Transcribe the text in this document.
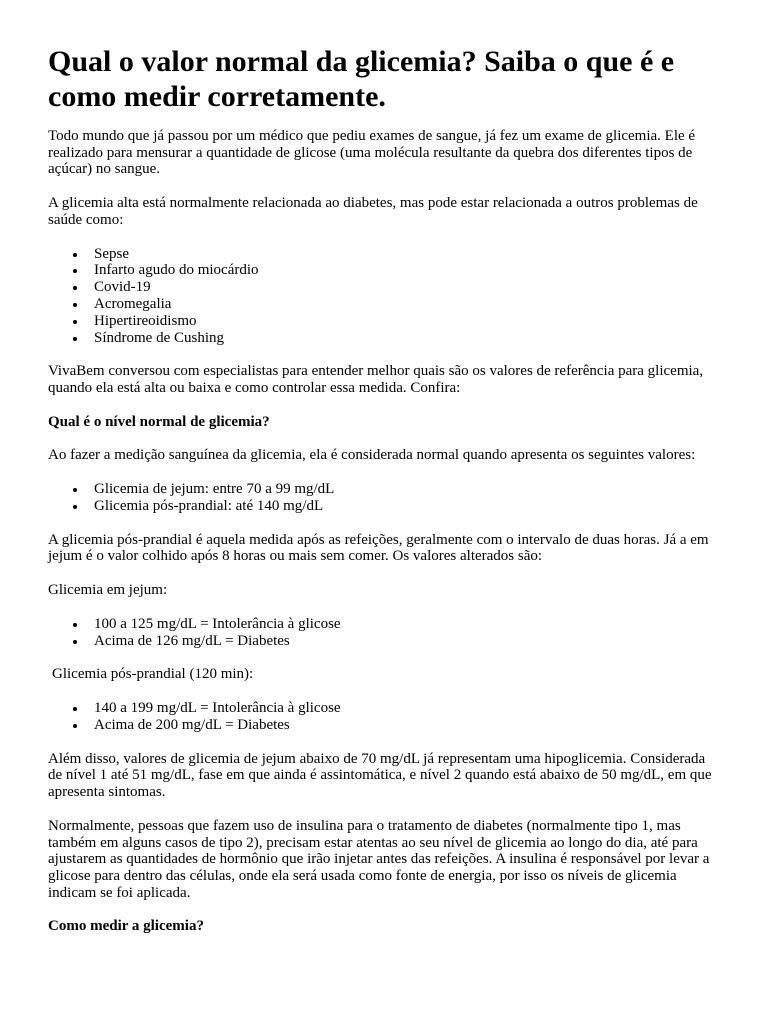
Qual o valor normal da glicemia? Saiba o que é e como medir corretamente.

Todo mundo que já passou por um médico que pediu exames de sangue, já fez um exame de glicemia. Ele é realizado para mensurar a quantidade de glicose (uma molécula resultante da quebra dos diferentes tipos de açúcar) no sangue.

A glicemia alta está normalmente relacionada ao diabetes, mas pode estar relacionada a outros problemas de saúde como:

Sepse
Infarto agudo do miocárdio
Covid-19
Acromegalia
Hipertireoidismo
Síndrome de Cushing

VivaBem conversou com especialistas para entender melhor quais são os valores de referência para glicemia, quando ela está alta ou baixa e como controlar essa medida. Confira:

Qual é o nível normal de glicemia?

Ao fazer a medição sanguínea da glicemia, ela é considerada normal quando apresenta os seguintes valores:

Glicemia de jejum: entre 70 a 99 mg/dL
Glicemia pós-prandial: até 140 mg/dL

A glicemia pós-prandial é aquela medida após as refeições, geralmente com o intervalo de duas horas. Já a em jejum é o valor colhido após 8 horas ou mais sem comer. Os valores alterados são:

Glicemia em jejum:

100 a 125 mg/dL = Intolerância à glicose
Acima de 126 mg/dL = Diabetes

Glicemia pós-prandial (120 min):

140 a 199 mg/dL = Intolerância à glicose
Acima de 200 mg/dL = Diabetes

Além disso, valores de glicemia de jejum abaixo de 70 mg/dL já representam uma hipoglicemia. Considerada de nível 1 até 51 mg/dL, fase em que ainda é assintomática, e nível 2 quando está abaixo de 50 mg/dL, em que apresenta sintomas.

Normalmente, pessoas que fazem uso de insulina para o tratamento de diabetes (normalmente tipo 1, mas também em alguns casos de tipo 2), precisam estar atentas ao seu nível de glicemia ao longo do dia, até para ajustarem as quantidades de hormônio que irão injetar antes das refeições. A insulina é responsável por levar a glicose para dentro das células, onde ela será usada como fonte de energia, por isso os níveis de glicemia indicam se foi aplicada.

Como medir a glicemia?
